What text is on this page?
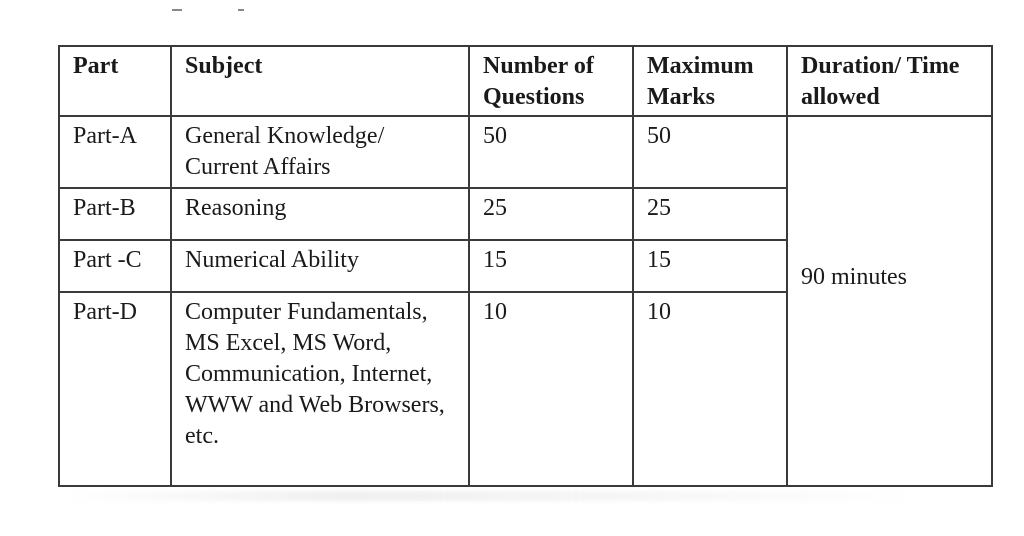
Part	Subject	Number of Questions	Maximum Marks	Duration/ Time allowed
Part-A	General Knowledge/ Current Affairs	50	50	90 minutes

Part-B	Reasoning	25	25	
Part -C	Numerical Ability	15	15	
Part-D	Computer Fundamentals, MS Excel, MS Word, Communication, Internet, WWW and Web Browsers, etc.	10	10	
